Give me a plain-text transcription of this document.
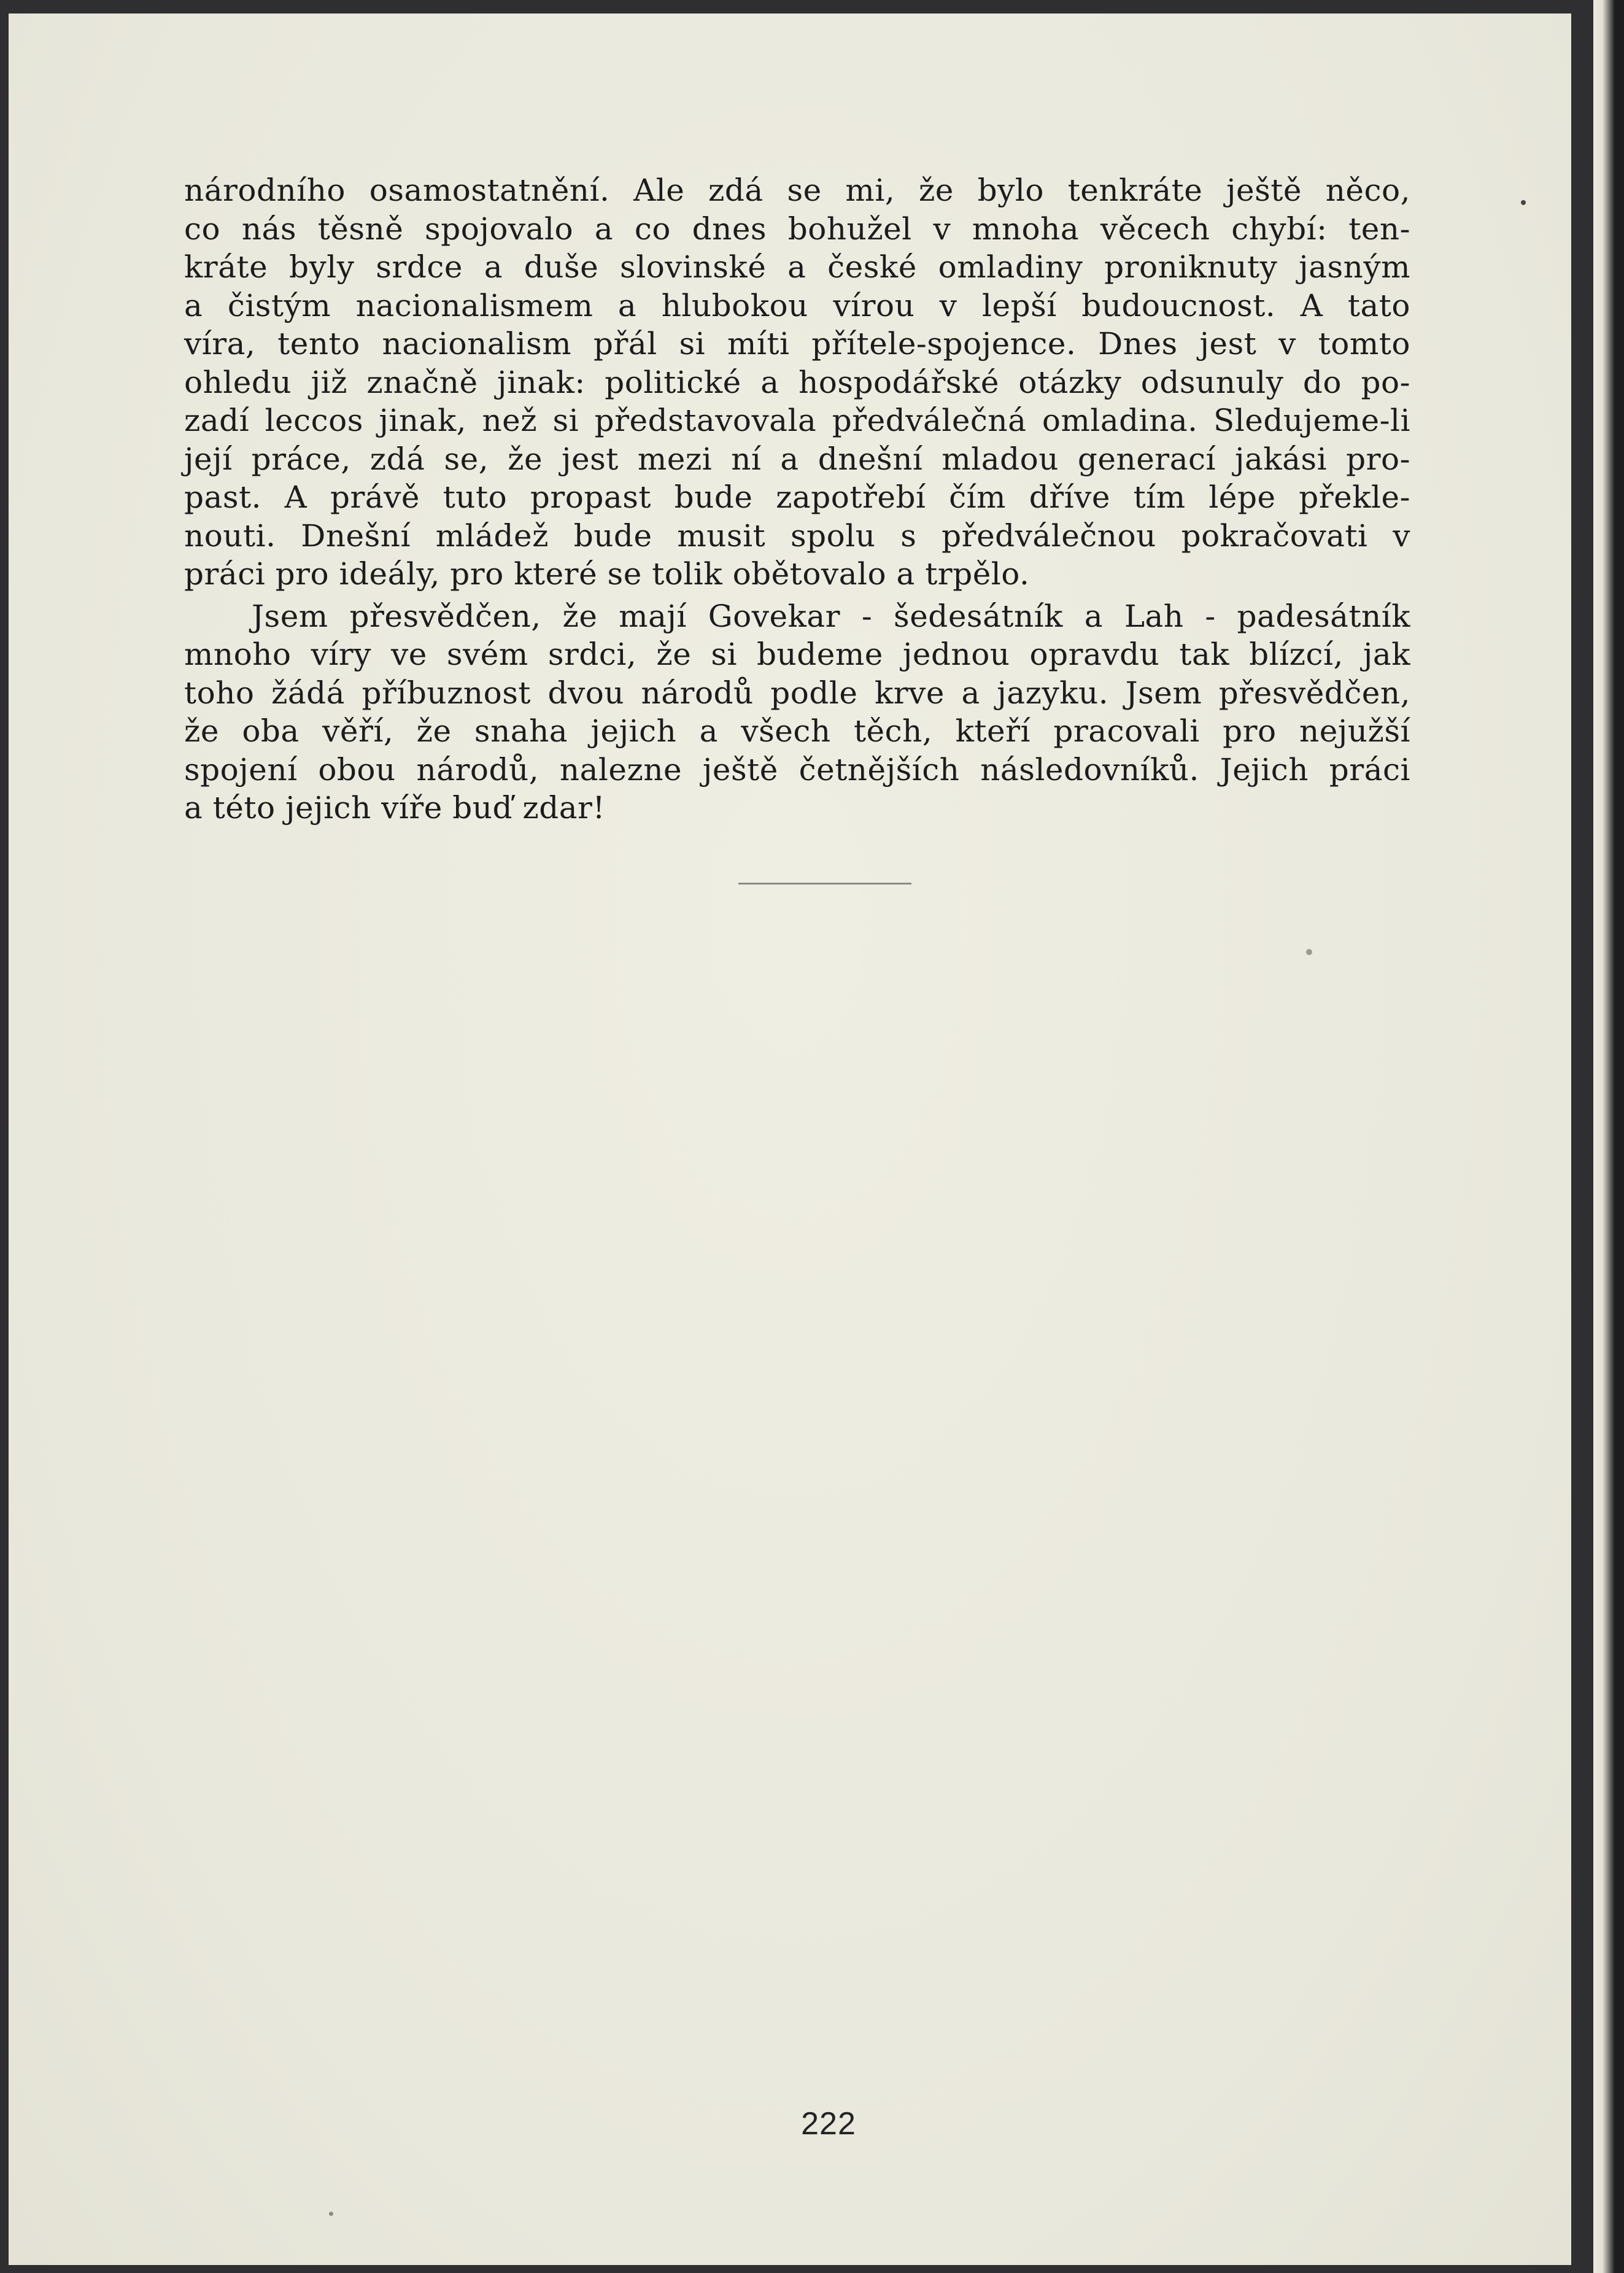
národního osamostatnění. Ale zdá se mi, že bylo tenkráte ještě něco,
co nás těsně spojovalo a co dnes bohužel v mnoha věcech chybí: ten-
kráte byly srdce a duše slovinské a české omladiny proniknuty jasným
a čistým nacionalismem a hlubokou vírou v lepší budoucnost. A tato
víra, tento nacionalism přál si míti přítele-spojence. Dnes jest v tomto
ohledu již značně jinak: politické a hospodářské otázky odsunuly do po-
zadí leccos jinak, než si představovala předválečná omladina. Sledujeme-li
její práce, zdá se, že jest mezi ní a dnešní mladou generací jakási pro-
past. A právě tuto propast bude zapotřebí čím dříve tím lépe překle-
nouti. Dnešní mládež bude musit spolu s předválečnou pokračovati v
práci pro ideály, pro které se tolik obětovalo a trpělo.
Jsem přesvědčen, že mají Govekar - šedesátník a Lah - padesátník
mnoho víry ve svém srdci, že si budeme jednou opravdu tak blízcí, jak
toho žádá příbuznost dvou národů podle krve a jazyku. Jsem přesvědčen,
že oba věří, že snaha jejich a všech těch, kteří pracovali pro nejužší
spojení obou národů, nalezne ještě četnějších následovníků. Jejich práci
a této jejich víře buď zdar!
222
